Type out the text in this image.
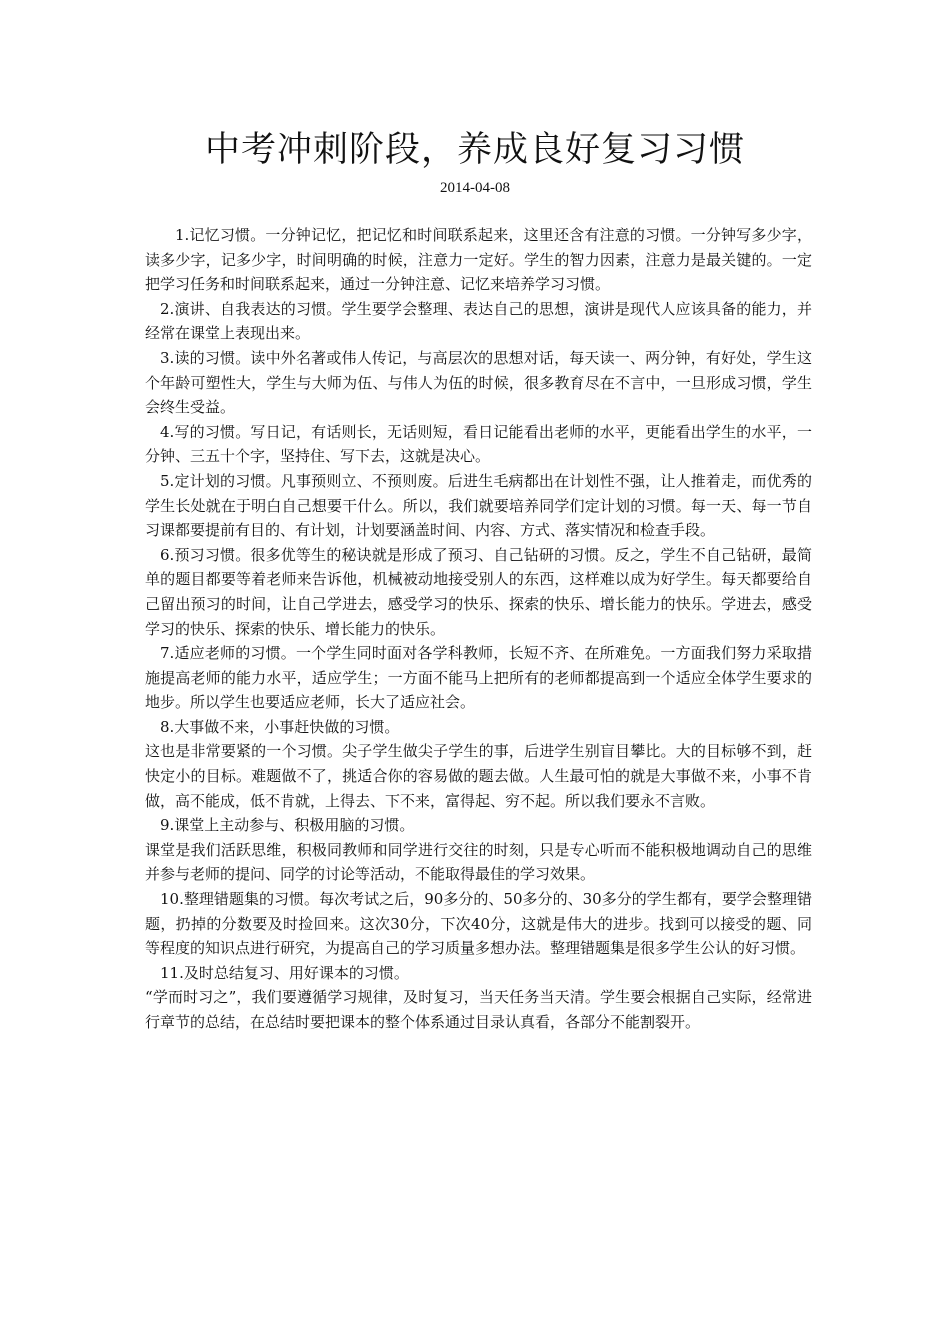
中考冲刺阶段，养成良好复习习惯
2014-04-08

1.记忆习惯。一分钟记忆，把记忆和时间联系起来，这里还含有注意的习惯。一分钟写多少字，读多少字，记多少字，时间明确的时候，注意力一定好。学生的智力因素，注意力是最关键的。一定把学习任务和时间联系起来，通过一分钟注意、记忆来培养学习习惯。

2.演讲、自我表达的习惯。学生要学会整理、表达自己的思想，演讲是现代人应该具备的能力，并经常在课堂上表现出来。

3.读的习惯。读中外名著或伟人传记，与高层次的思想对话，每天读一、两分钟，有好处，学生这个年龄可塑性大，学生与大师为伍、与伟人为伍的时候，很多教育尽在不言中，一旦形成习惯，学生会终生受益。

4.写的习惯。写日记，有话则长，无话则短，看日记能看出老师的水平，更能看出学生的水平，一分钟、三五十个字，坚持住、写下去，这就是决心。

5.定计划的习惯。凡事预则立、不预则废。后进生毛病都出在计划性不强，让人推着走，而优秀的学生长处就在于明白自己想要干什么。所以，我们就要培养同学们定计划的习惯。每一天、每一节自习课都要提前有目的、有计划，计划要涵盖时间、内容、方式、落实情况和检查手段。

6.预习习惯。很多优等生的秘诀就是形成了预习、自己钻研的习惯。反之，学生不自己钻研，最简单的题目都要等着老师来告诉他，机械被动地接受别人的东西，这样难以成为好学生。每天都要给自己留出预习的时间，让自己学进去，感受学习的快乐、探索的快乐、增长能力的快乐。学进去，感受学习的快乐、探索的快乐、增长能力的快乐。

7.适应老师的习惯。一个学生同时面对各学科教师，长短不齐、在所难免。一方面我们努力采取措施提高老师的能力水平，适应学生；一方面不能马上把所有的老师都提高到一个适应全体学生要求的地步。所以学生也要适应老师，长大了适应社会。

8.大事做不来，小事赶快做的习惯。

这也是非常要紧的一个习惯。尖子学生做尖子学生的事，后进学生别盲目攀比。大的目标够不到，赶快定小的目标。难题做不了，挑适合你的容易做的题去做。人生最可怕的就是大事做不来，小事不肯做，高不能成，低不肯就，上得去、下不来，富得起、穷不起。所以我们要永不言败。

9.课堂上主动参与、积极用脑的习惯。

课堂是我们活跃思维，积极同教师和同学进行交往的时刻，只是专心听而不能积极地调动自己的思维并参与老师的提问、同学的讨论等活动，不能取得最佳的学习效果。

10.整理错题集的习惯。每次考试之后，90多分的、50多分的、30多分的学生都有，要学会整理错题，扔掉的分数要及时捡回来。这次30分，下次40分，这就是伟大的进步。找到可以接受的题、同等程度的知识点进行研究，为提高自己的学习质量多想办法。整理错题集是很多学生公认的好习惯。

11.及时总结复习、用好课本的习惯。

“学而时习之”，我们要遵循学习规律，及时复习，当天任务当天清。学生要会根据自己实际，经常进行章节的总结，在总结时要把课本的整个体系通过目录认真看，各部分不能割裂开。
